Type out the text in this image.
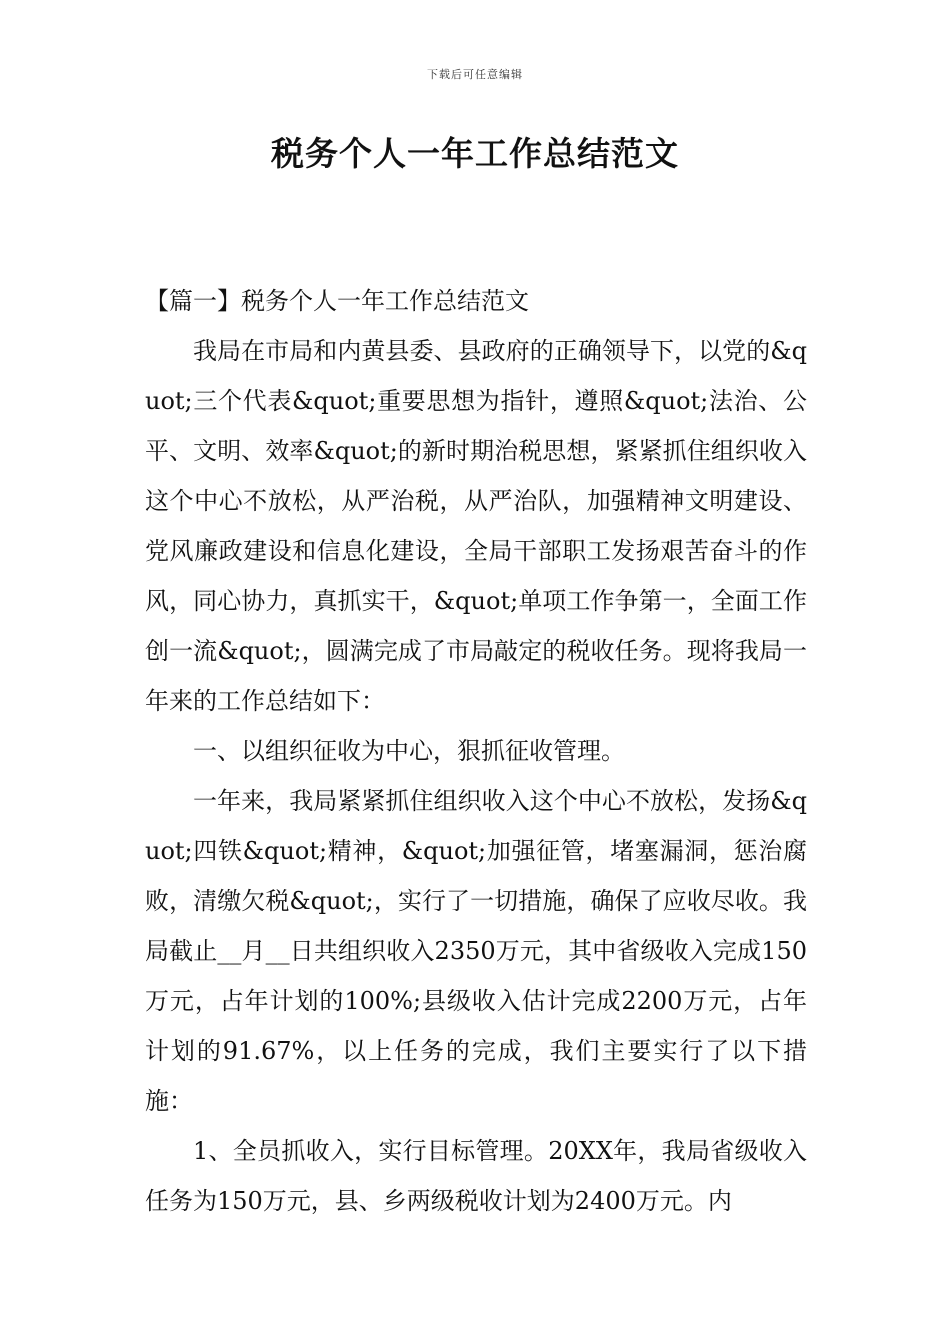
下载后可任意编辑
税务个人一年工作总结范文

【篇一】税务个人一年工作总结范文

我局在市局和内黄县委、县政府的正确领导下，以党的&quot;三个代表&quot;重要思想为指针，遵照&quot;法治、公平、文明、效率&quot;的新时期治税思想，紧紧抓住组织收入这个中心不放松，从严治税，从严治队，加强精神文明建设、党风廉政建设和信息化建设，全局干部职工发扬艰苦奋斗的作风，同心协力，真抓实干，&quot;单项工作争第一，全面工作创一流&quot;，圆满完成了市局敲定的税收任务。现将我局一年来的工作总结如下：

一、以组织征收为中心，狠抓征收管理。

一年来，我局紧紧抓住组织收入这个中心不放松，发扬&quot;四铁&quot;精神，&quot;加强征管，堵塞漏洞，惩治腐败，清缴欠税&quot;，实行了一切措施，确保了应收尽收。我局截止__月__日共组织收入2350万元，其中省级收入完成150万元，占年计划的100%;县级收入估计完成2200万元，占年计划的91.67%，以上任务的完成，我们主要实行了以下措施：

1、全员抓收入，实行目标管理。20XX年，我局省级收入任务为150万元，县、乡两级税收计划为2400万元。内
